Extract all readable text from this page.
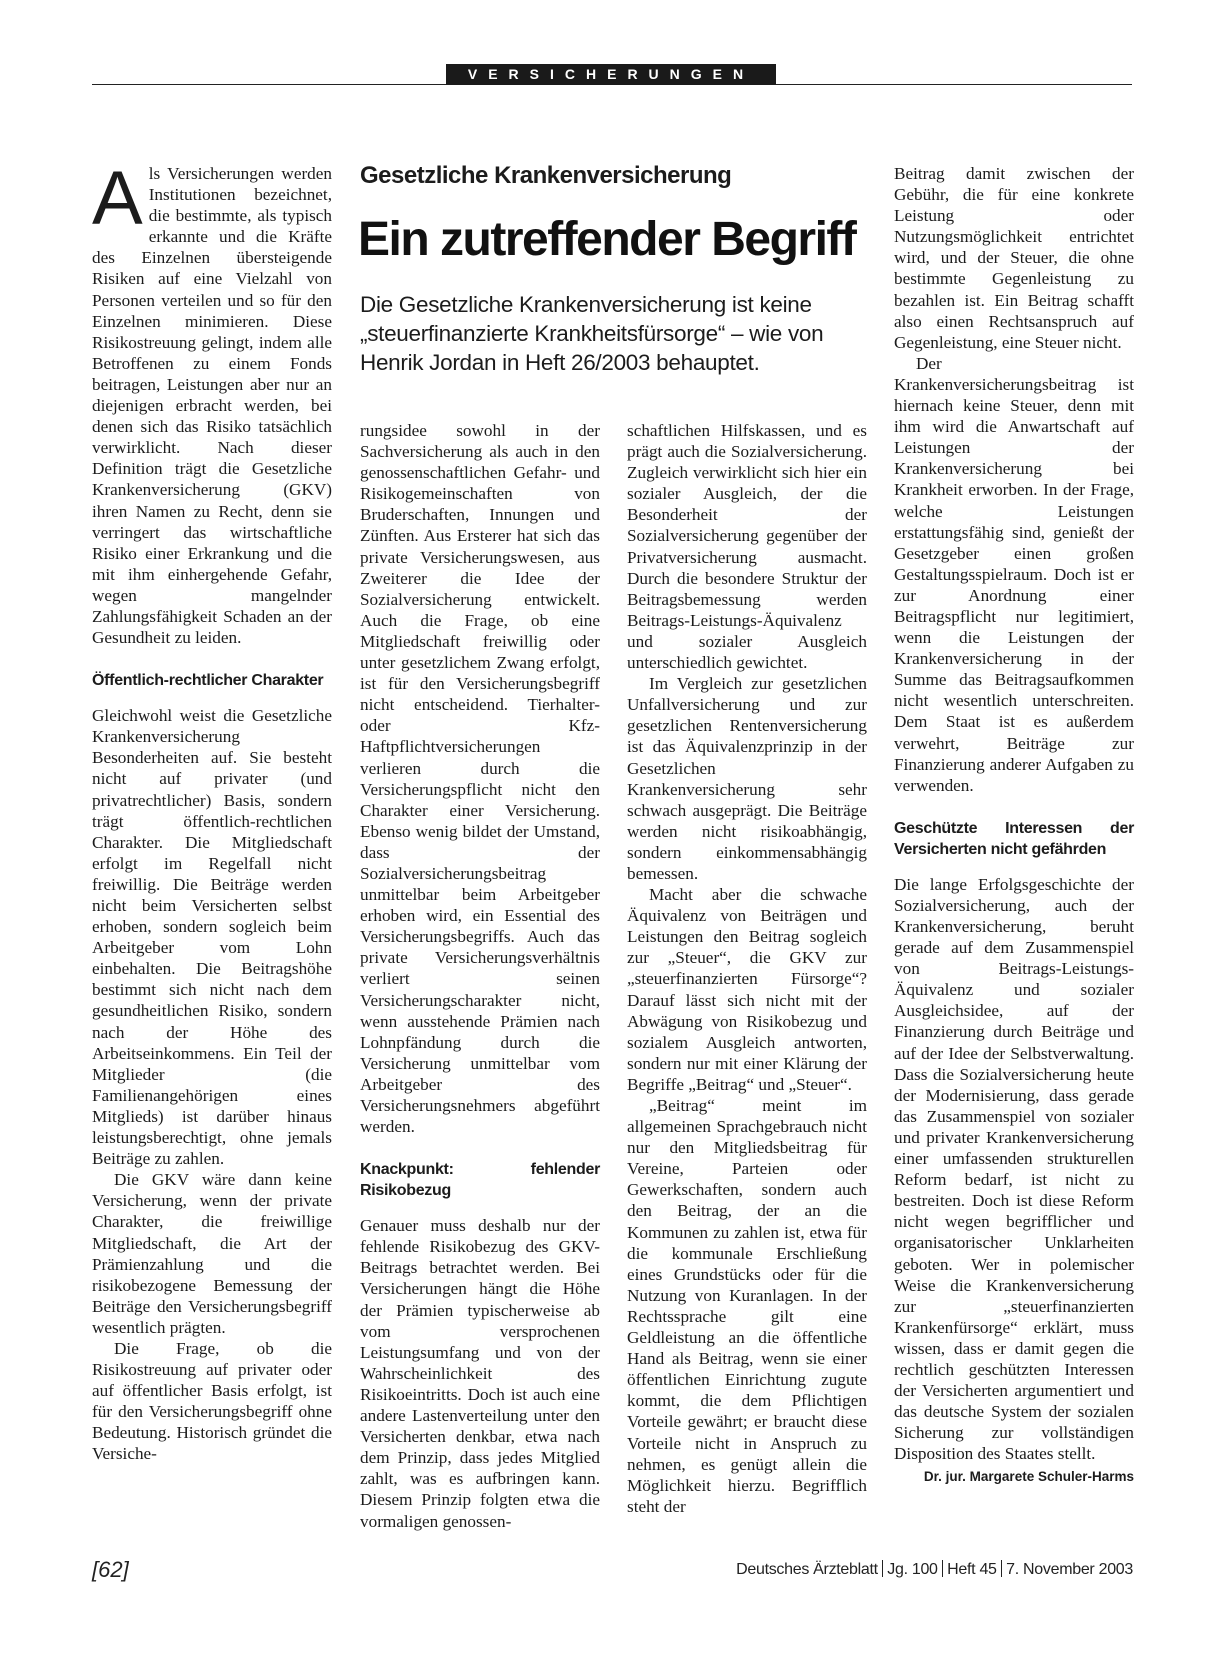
VERSICHERUNGEN
Gesetzliche Krankenversicherung
Ein zutreffender Begriff
Die Gesetzliche Krankenversicherung ist keine „steuerfinanzierte Krankheitsfürsorge“ – wie von Henrik Jordan in Heft 26/2003 behauptet.

Als Versicherungen werden Institutionen bezeichnet, die bestimmte, als typisch erkannte und die Kräfte des Einzelnen übersteigende Risiken auf eine Vielzahl von Personen verteilen und so für den Einzelnen minimieren. Diese Risikostreuung gelingt, indem alle Betroffenen zu einem Fonds beitragen, Leistungen aber nur an diejenigen erbracht werden, bei denen sich das Risiko tatsächlich verwirklicht. Nach dieser Definition trägt die Gesetzliche Krankenversicherung (GKV) ihren Namen zu Recht, denn sie verringert das wirtschaftliche Risiko einer Erkrankung und die mit ihm einhergehende Gefahr, wegen mangelnder Zahlungsfähigkeit Schaden an der Gesundheit zu leiden.

Öffentlich-rechtlicher Charakter

Gleichwohl weist die Gesetzliche Krankenversicherung Besonderheiten auf. Sie besteht nicht auf privater (und privatrechtlicher) Basis, sondern trägt öffentlich-rechtlichen Charakter. Die Mitgliedschaft erfolgt im Regelfall nicht freiwillig. Die Beiträge werden nicht beim Versicherten selbst erhoben, sondern sogleich beim Arbeitgeber vom Lohn einbehalten. Die Beitragshöhe bestimmt sich nicht nach dem gesundheitlichen Risiko, sondern nach der Höhe des Arbeitseinkommens. Ein Teil der Mitglieder (die Familienangehörigen eines Mitglieds) ist darüber hinaus leistungsberechtigt, ohne jemals Beiträge zu zahlen.

Die GKV wäre dann keine Versicherung, wenn der private Charakter, die freiwillige Mitgliedschaft, die Art der Prämienzahlung und die risikobezogene Bemessung der Beiträge den Versicherungsbegriff wesentlich prägten.

Die Frage, ob die Risikostreuung auf privater oder auf öffentlicher Basis erfolgt, ist für den Versicherungsbegriff ohne Bedeutung. Historisch gründet die Versiche-

rungsidee sowohl in der Sachversicherung als auch in den genossenschaftlichen Gefahr- und Risikogemeinschaften von Bruderschaften, Innungen und Zünften. Aus Ersterer hat sich das private Versicherungswesen, aus Zweiterer die Idee der Sozialversicherung entwickelt. Auch die Frage, ob eine Mitgliedschaft freiwillig oder unter gesetzlichem Zwang erfolgt, ist für den Versicherungsbegriff nicht entscheidend. Tierhalter- oder Kfz-Haftpflichtversicherungen verlieren durch die Versicherungspflicht nicht den Charakter einer Versicherung. Ebenso wenig bildet der Umstand, dass der Sozialversicherungsbeitrag unmittelbar beim Arbeitgeber erhoben wird, ein Essential des Versicherungsbegriffs. Auch das private Versicherungsverhältnis verliert seinen Versicherungscharakter nicht, wenn ausstehende Prämien nach Lohnpfändung durch die Versicherung unmittelbar vom Arbeitgeber des Versicherungsnehmers abgeführt werden.

Knackpunkt: fehlender Risikobezug

Genauer muss deshalb nur der fehlende Risikobezug des GKV-Beitrags betrachtet werden. Bei Versicherungen hängt die Höhe der Prämien typischerweise ab vom versprochenen Leistungsumfang und von der Wahrscheinlichkeit des Risikoeintritts. Doch ist auch eine andere Lastenverteilung unter den Versicherten denkbar, etwa nach dem Prinzip, dass jedes Mitglied zahlt, was es aufbringen kann. Diesem Prinzip folgten etwa die vormaligen genossen-

schaftlichen Hilfskassen, und es prägt auch die Sozialversicherung. Zugleich verwirklicht sich hier ein sozialer Ausgleich, der die Besonderheit der Sozialversicherung gegenüber der Privatversicherung ausmacht. Durch die besondere Struktur der Beitragsbemessung werden Beitrags-Leistungs-Äquivalenz und sozialer Ausgleich unterschiedlich gewichtet.

Im Vergleich zur gesetzlichen Unfallversicherung und zur gesetzlichen Rentenversicherung ist das Äquivalenzprinzip in der Gesetzlichen Krankenversicherung sehr schwach ausgeprägt. Die Beiträge werden nicht risikoabhängig, sondern einkommensabhängig bemessen.

Macht aber die schwache Äquivalenz von Beiträgen und Leistungen den Beitrag sogleich zur „Steuer“, die GKV zur „steuerfinanzierten Fürsorge“? Darauf lässt sich nicht mit der Abwägung von Risikobezug und sozialem Ausgleich antworten, sondern nur mit einer Klärung der Begriffe „Beitrag“ und „Steuer“.

„Beitrag“ meint im allgemeinen Sprachgebrauch nicht nur den Mitgliedsbeitrag für Vereine, Parteien oder Gewerkschaften, sondern auch den Beitrag, der an die Kommunen zu zahlen ist, etwa für die kommunale Erschließung eines Grundstücks oder für die Nutzung von Kuranlagen. In der Rechtssprache gilt eine Geldleistung an die öffentliche Hand als Beitrag, wenn sie einer öffentlichen Einrichtung zugute kommt, die dem Pflichtigen Vorteile gewährt; er braucht diese Vorteile nicht in Anspruch zu nehmen, es genügt allein die Möglichkeit hierzu. Begrifflich steht der

Beitrag damit zwischen der Gebühr, die für eine konkrete Leistung oder Nutzungsmöglichkeit entrichtet wird, und der Steuer, die ohne bestimmte Gegenleistung zu bezahlen ist. Ein Beitrag schafft also einen Rechtsanspruch auf Gegenleistung, eine Steuer nicht.

Der Krankenversicherungsbeitrag ist hiernach keine Steuer, denn mit ihm wird die Anwartschaft auf Leistungen der Krankenversicherung bei Krankheit erworben. In der Frage, welche Leistungen erstattungsfähig sind, genießt der Gesetzgeber einen großen Gestaltungsspielraum. Doch ist er zur Anordnung einer Beitragspflicht nur legitimiert, wenn die Leistungen der Krankenversicherung in der Summe das Beitragsaufkommen nicht wesentlich unterschreiten. Dem Staat ist es außerdem verwehrt, Beiträge zur Finanzierung anderer Aufgaben zu verwenden.

Geschützte Interessen der Versicherten nicht gefährden

Die lange Erfolgsgeschichte der Sozialversicherung, auch der Krankenversicherung, beruht gerade auf dem Zusammenspiel von Beitrags-Leistungs-Äquivalenz und sozialer Ausgleichsidee, auf der Finanzierung durch Beiträge und auf der Idee der Selbstverwaltung. Dass die Sozialversicherung heute der Modernisierung, dass gerade das Zusammenspiel von sozialer und privater Krankenversicherung einer umfassenden strukturellen Reform bedarf, ist nicht zu bestreiten. Doch ist diese Reform nicht wegen begrifflicher und organisatorischer Unklarheiten geboten. Wer in polemischer Weise die Krankenversicherung zur „steuerfinanzierten Krankenfürsorge“ erklärt, muss wissen, dass er damit gegen die rechtlich geschützten Interessen der Versicherten argumentiert und das deutsche System der sozialen Sicherung zur vollständigen Disposition des Staates stellt.

Dr. jur. Margarete Schuler-Harms
[62]	Deutsches Ärzteblatt Jg. 100 Heft 45 7. November 2003
